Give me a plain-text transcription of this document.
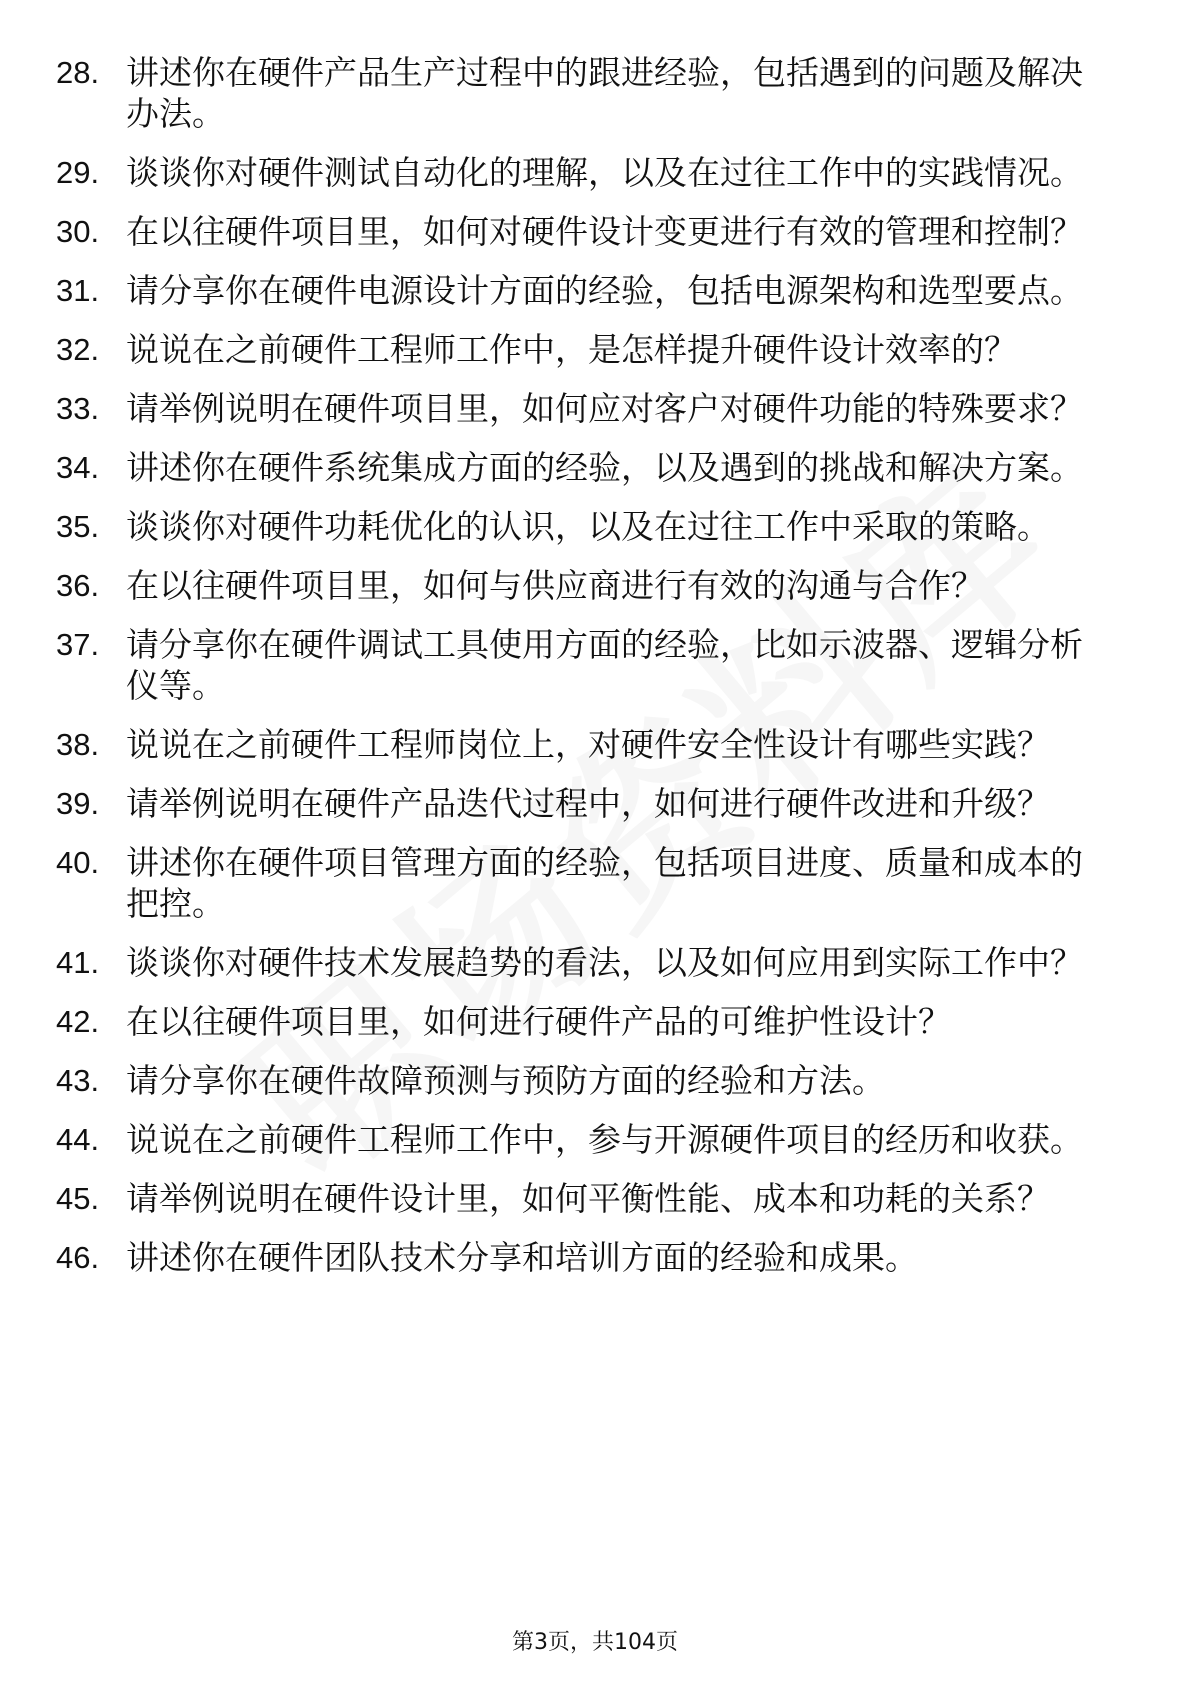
28. 讲述你在硬件产品生产过程中的跟进经验，包括遇到的问题及解决办法。
29. 谈谈你对硬件测试自动化的理解，以及在过往工作中的实践情况。
30. 在以往硬件项目里，如何对硬件设计变更进行有效的管理和控制？
31. 请分享你在硬件电源设计方面的经验，包括电源架构和选型要点。
32. 说说在之前硬件工程师工作中，是怎样提升硬件设计效率的？
33. 请举例说明在硬件项目里，如何应对客户对硬件功能的特殊要求？
34. 讲述你在硬件系统集成方面的经验，以及遇到的挑战和解决方案。
35. 谈谈你对硬件功耗优化的认识，以及在过往工作中采取的策略。
36. 在以往硬件项目里，如何与供应商进行有效的沟通与合作？
37. 请分享你在硬件调试工具使用方面的经验，比如示波器、逻辑分析仪等。
38. 说说在之前硬件工程师岗位上，对硬件安全性设计有哪些实践？
39. 请举例说明在硬件产品迭代过程中，如何进行硬件改进和升级？
40. 讲述你在硬件项目管理方面的经验，包括项目进度、质量和成本的把控。
41. 谈谈你对硬件技术发展趋势的看法，以及如何应用到实际工作中？
42. 在以往硬件项目里，如何进行硬件产品的可维护性设计？
43. 请分享你在硬件故障预测与预防方面的经验和方法。
44. 说说在之前硬件工程师工作中，参与开源硬件项目的经历和收获。
45. 请举例说明在硬件设计里，如何平衡性能、成本和功耗的关系？
46. 讲述你在硬件团队技术分享和培训方面的经验和成果。
第3页，共104页
